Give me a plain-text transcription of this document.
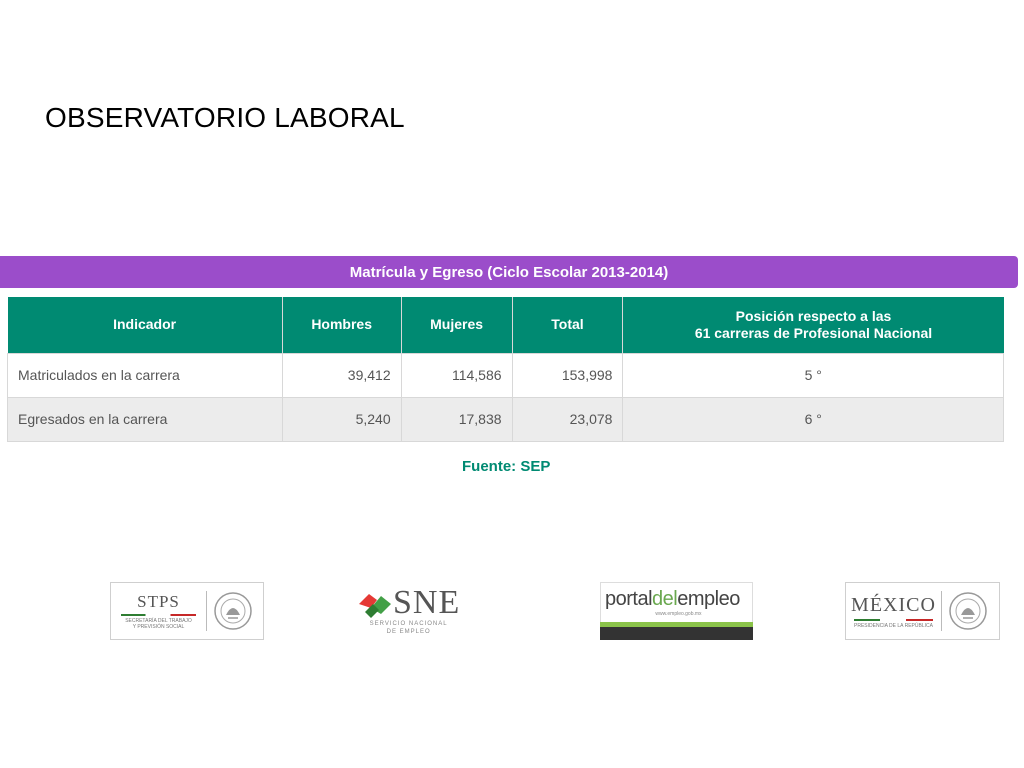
OBSERVATORIO LABORAL
Matrícula y Egreso (Ciclo Escolar 2013-2014)
Indicador	Hombres	Mujeres	Total	Posición respecto a las
61 carreras de Profesional Nacional
Matriculados en la carrera	39,412	114,586	153,998	5 °
Egresados en la carrera	5,240	17,838	23,078	6 °
Fuente: SEP
STPS
SECRETARÍA DEL TRABAJO
Y PREVISIÓN SOCIAL
SNE
SERVICIO NACIONAL
DE EMPLEO
portaldelempleo
www.empleo.gob.mx	MÉXICO
PRESIDENCIA DE LA REPÚBLICA
